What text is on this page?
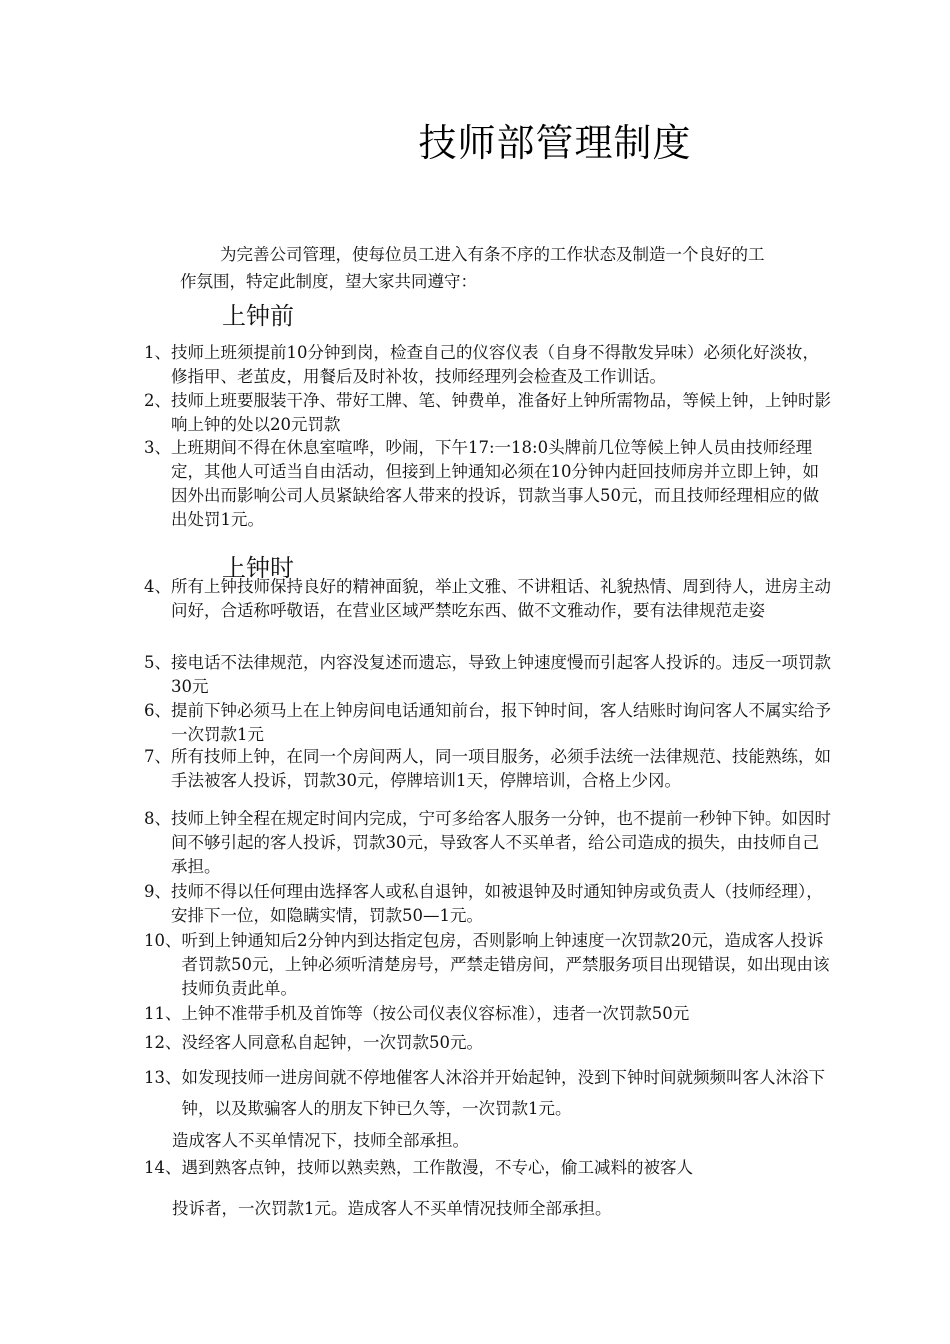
技师部管理制度

为完善公司管理，使每位员工进入有条不序的工作状态及制造一个良好的工
作氛围，特定此制度，望大家共同遵守：

上钟前
1、 技师上班须提前10分钟到岗，检查自己的仪容仪表（自身不得散发异味）必须化好淡妆，修指甲、老茧皮，用餐后及时补妆，技师经理列会检查及工作训话。
2、 技师上班要服装干净、带好工牌、笔、钟费单，准备好上钟所需物品，等候上钟，上钟时影响上钟的处以20元罚款
3、 上班期间不得在休息室喧哗，吵闹，下午17:一18:0头牌前几位等候上钟人员由技师经理定，其他人可适当自由活动，但接到上钟通知必须在10分钟内赶回技师房并立即上钟，如因外出而影响公司人员紧缺给客人带来的投诉，罚款当事人50元，而且技师经理相应的做出处罚1元。
上钟时
4、 所有上钟技师保持良好的精神面貌，举止文雅、不讲粗话、礼貌热情、周到待人，进房主动问好，合适称呼敬语，在营业区域严禁吃东西、做不文雅动作，要有法律规范走姿
5、 接电话不法律规范，内容没复述而遗忘，导致上钟速度慢而引起客人投诉的。违反一项罚款30元
6、 提前下钟必须马上在上钟房间电话通知前台，报下钟时间，客人结账时询问客人不属实给予一次罚款1元
7、 所有技师上钟，在同一个房间两人，同一项目服务，必须手法统一法律规范、技能熟练，如手法被客人投诉，罚款30元，停牌培训1天，停牌培训，合格上少冈。
8、 技师上钟全程在规定时间内完成，宁可多给客人服务一分钟，也不提前一秒钟下钟。如因时间不够引起的客人投诉，罚款30元，导致客人不买单者，给公司造成的损失，由技师自己承担。
9、 技师不得以任何理由选择客人或私自退钟，如被退钟及时通知钟房或负责人（技师经理），安排下一位，如隐瞒实情，罚款50—1元。
10、 听到上钟通知后2分钟内到达指定包房，否则影响上钟速度一次罚款20元，造成客人投诉者罚款50元，上钟必须听清楚房号，严禁走错房间，严禁服务项目出现错误，如出现由该技师负责此单。
11、 上钟不准带手机及首饰等（按公司仪表仪容标准），违者一次罚款50元
12、 没经客人同意私自起钟，一次罚款50元。
13、 如发现技师一进房间就不停地催客人沐浴并开始起钟，没到下钟时间就频频叫客人沐浴下钟，以及欺骗客人的朋友下钟已久等，一次罚款1元。

造成客人不买单情况下，技师全部承担。

14、 遇到熟客点钟，技师以熟卖熟，工作散漫，不专心，偷工减料的被客人

投诉者，一次罚款1元。造成客人不买单情况技师全部承担。
